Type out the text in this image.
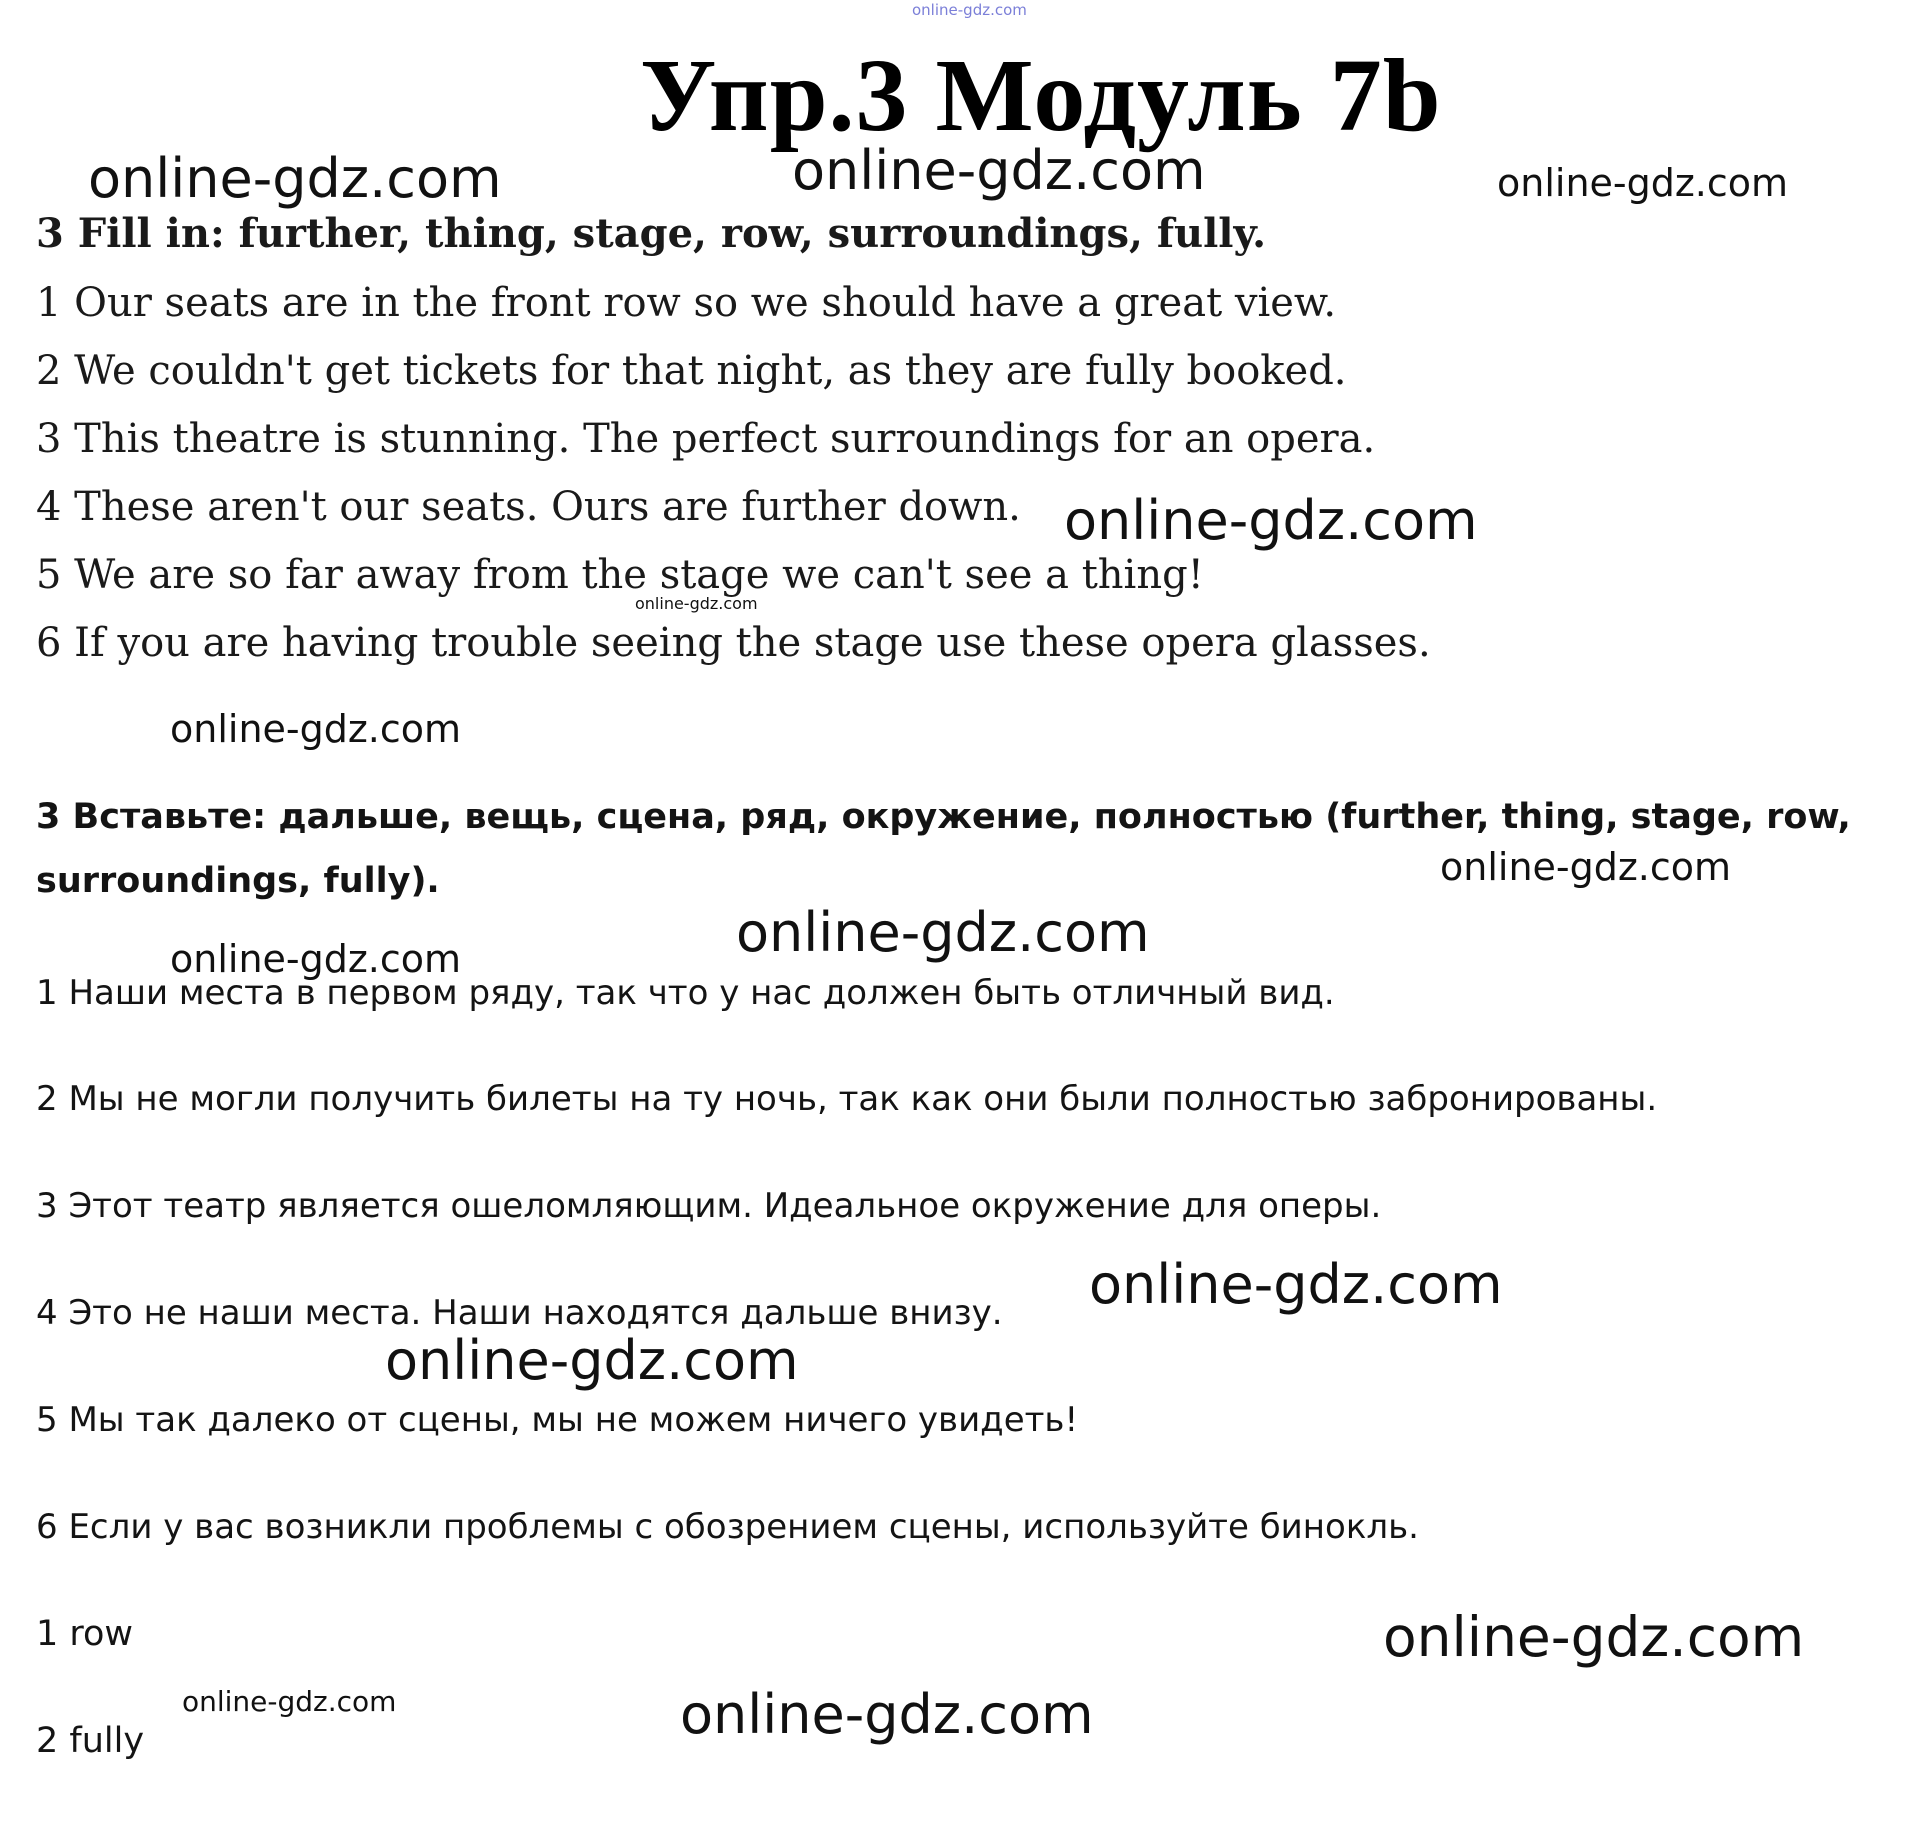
online-gdz.com
Упр.3 Модуль 7b
online-gdz.com	online-gdz.com	online-gdz.com
3 Fill in: further, thing, stage, row, surroundings, fully.
1 Our seats are in the front row so we should have a great view.
2 We couldn't get tickets for that night, as they are fully booked.
3 This theatre is stunning. The perfect surroundings for an opera.
4 These aren't our seats. Ours are further down.
5 We are so far away from the stage we can't see a thing!
6 If you are having trouble seeing the stage use these opera glasses.
online-gdz.com
online-gdz.com
online-gdz.com
3 Вставьте: дальше, вещь, сцена, ряд, окружение, полностью (further, thing, stage, row,
surroundings, fully).	online-gdz.com
online-gdz.com
online-gdz.com
1 Наши места в первом ряду, так что у нас должен быть отличный вид.
2 Мы не могли получить билеты на ту ночь, так как они были полностью забронированы.
3 Этот театр является ошеломляющим. Идеальное окружение для оперы.
4 Это не наши места. Наши находятся дальше внизу. online-gdz.com
online-gdz.com
5 Мы так далеко от сцены, мы не можем ничего увидеть!
6 Если у вас возникли проблемы с обозрением сцены, используйте бинокль.
1 row	online-gdz.com
online-gdz.com	online-gdz.com
2 fully
